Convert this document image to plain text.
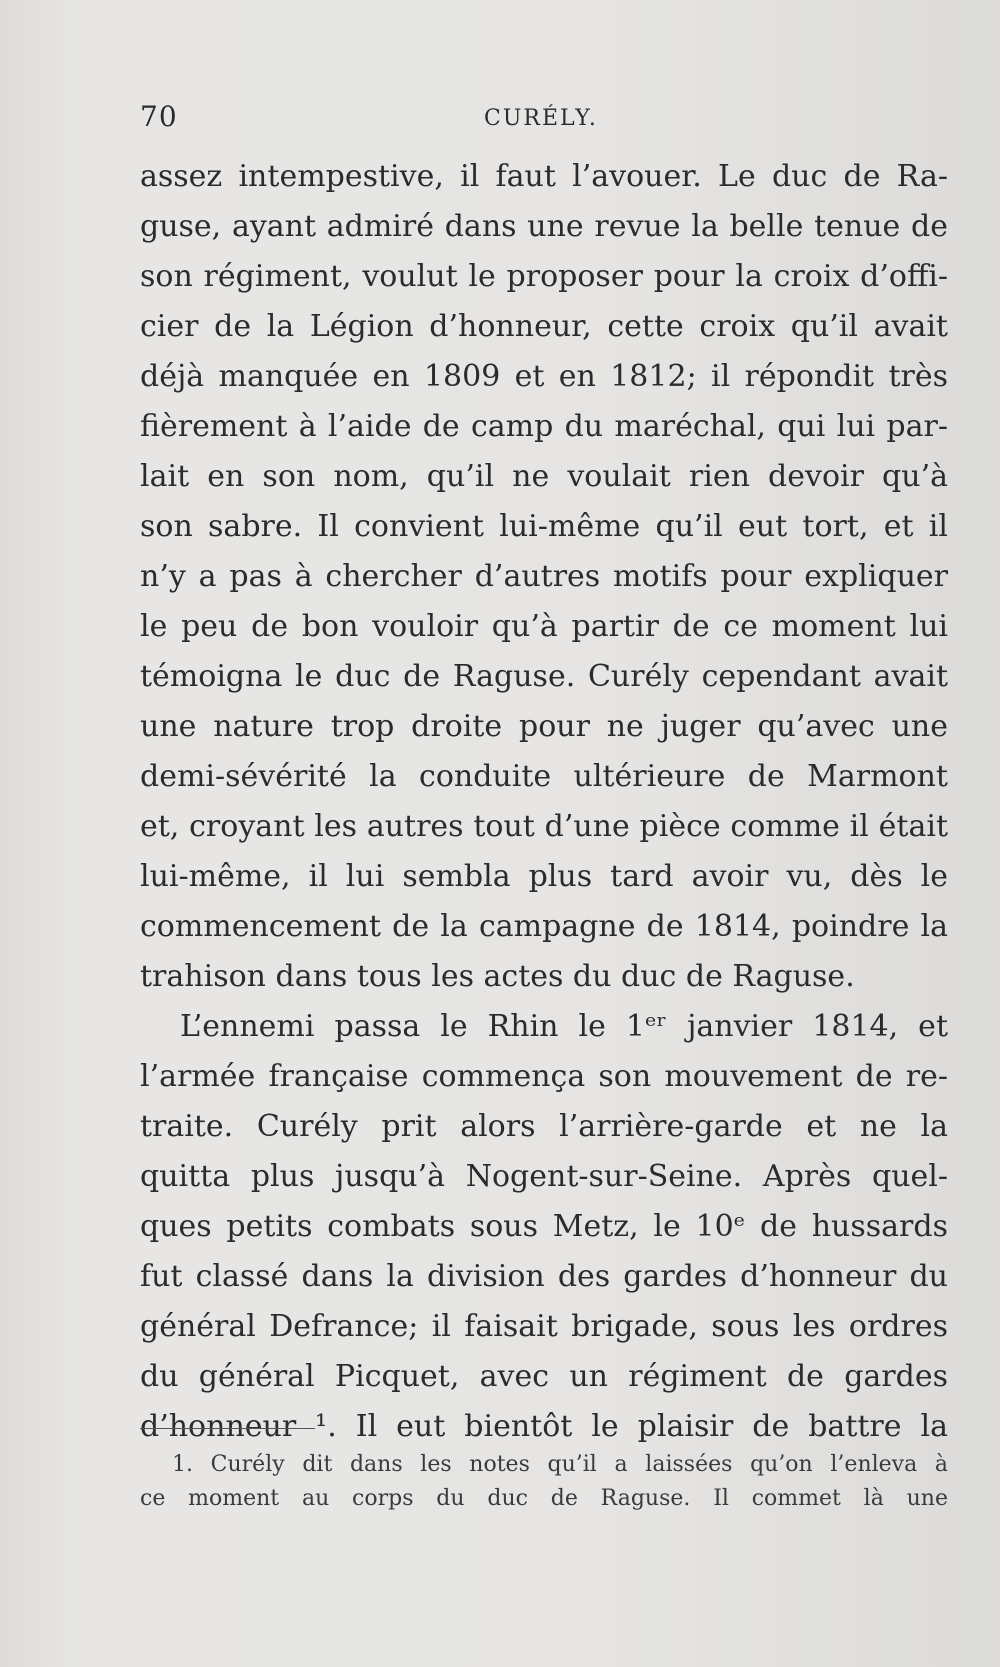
70	CURÉLY.
assez intempestive, il faut l’avouer. Le duc de Ra-
guse, ayant admiré dans une revue la belle tenue de
son régiment, voulut le proposer pour la croix d’offi-
cier de la Légion d’honneur, cette croix qu’il avait
déjà manquée en 1809 et en 1812; il répondit très
fièrement à l’aide de camp du maréchal, qui lui par-
lait en son nom, qu’il ne voulait rien devoir qu’à
son sabre. Il convient lui-même qu’il eut tort, et il
n’y a pas à chercher d’autres motifs pour expliquer
le peu de bon vouloir qu’à partir de ce moment lui
témoigna le duc de Raguse. Curély cependant avait
une nature trop droite pour ne juger qu’avec une
demi-sévérité la conduite ultérieure de Marmont
et, croyant les autres tout d’une pièce comme il était
lui-même, il lui sembla plus tard avoir vu, dès le
commencement de la campagne de 1814, poindre la
trahison dans tous les actes du duc de Raguse.
L’ennemi passa le Rhin le 1ᵉʳ janvier 1814, et
l’armée française commença son mouvement de re-
traite. Curély prit alors l’arrière-garde et ne la
quitta plus jusqu’à Nogent-sur-Seine. Après quel-
ques petits combats sous Metz, le 10ᵉ de hussards
fut classé dans la division des gardes d’honneur du
général Defrance; il faisait brigade, sous les ordres
du général Picquet, avec un régiment de gardes
d’honneur ¹. Il eut bientôt le plaisir de battre la
1. Curély dit dans les notes qu’il a laissées qu’on l’enleva à
ce moment au corps du duc de Raguse. Il commet là une
